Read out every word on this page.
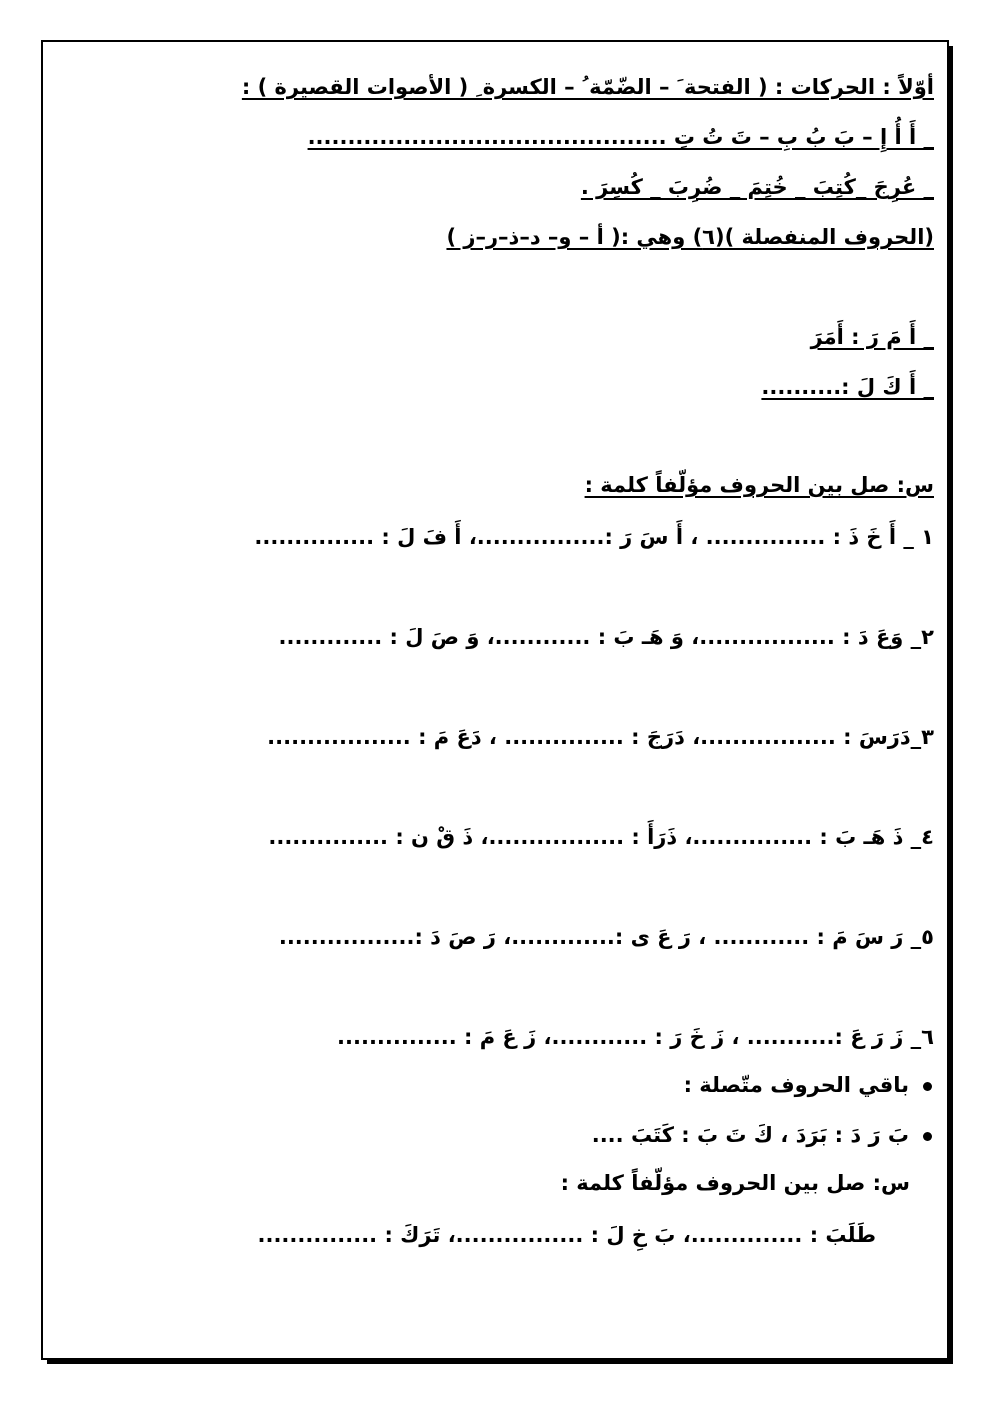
أوّلاً : الحركات : ( الفتحة َ – الضّمّة ُ – الكسرة ِ ( الأصوات القصيرة ) :
_ أَ أُ إِ – بَ بُ بِ – تَ تُ تِ .............................................
_ عُرِجَ _كُتِبَ _ خُتِمَ _ ضُرِبَ _ كُسِرَ .
(الحروف المنفصلة )(٦) وهي :( أ – و– د–ذ–ر–ز )
_ أَ مَ رَ : أَمَرَ
_ أَ كَ لَ :..........
س: صل بين الحروف مؤلّفاً كلمة :
١ _ أَ خَ ذَ : ............... ، أَ سَ رَ :................، أَ فَ لَ : ...............
٢_ وَعَ دَ : .................، وَ هَـ بَ : ............، وَ صَ لَ : .............
٣_دَرَسَ : .................، دَرَجَ : ............... ، دَعَ مَ : ..................
٤_ ذَ هَـ بَ : ...............، ذَرَأَ : .................، ذَ قْ ن : ...............
٥_ رَ سَ مَ : ............ ، رَ عَ ى :.............، رَ صَ دَ :.................
٦_ زَ رَ عَ :........... ، زَ خَ رَ : ............، زَ عَ مَ : ...............
باقي الحروف متّصلة :
بَ رَ دَ : بَرَدَ ، كَ تَ بَ : كَتَبَ ....
س: صل بين الحروف مؤلّفاً كلمة :
طَلَبَ : ..............، بَ خِ لَ : ................، تَرَكَ : ...............
